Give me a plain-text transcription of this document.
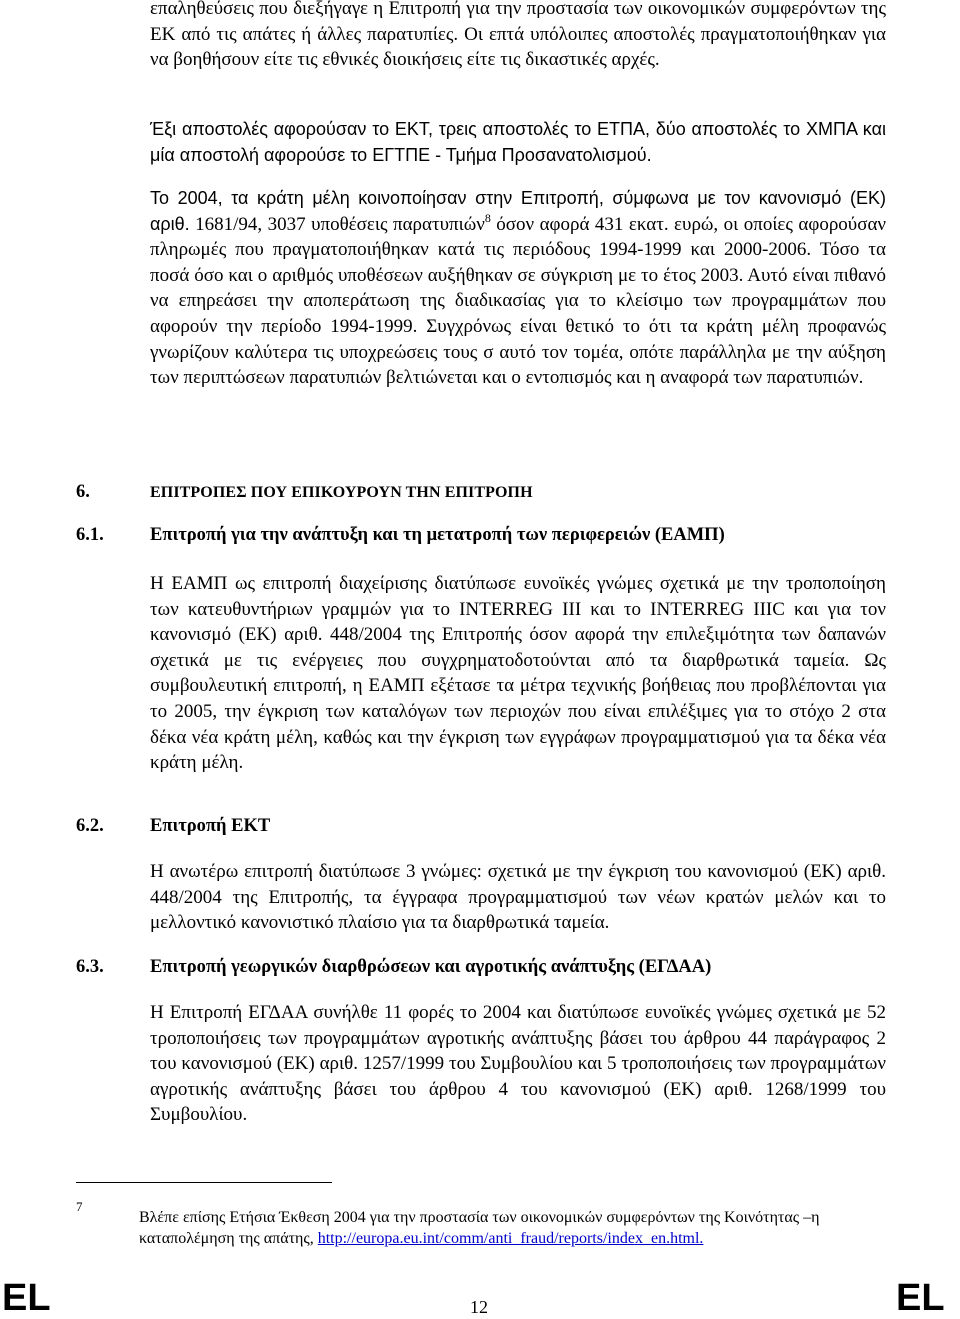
επαληθεύσεις που διεξήγαγε η Επιτροπή για την προστασία των οικονομικών συμφερόντων της ΕΚ από τις απάτες ή άλλες παρατυπίες. Οι επτά υπόλοιπες αποστολές πραγματοποιήθηκαν για να βοηθήσουν είτε τις εθνικές διοικήσεις είτε τις δικαστικές αρχές.
Έξι αποστολές αφορούσαν το ΕΚΤ, τρεις αποστολές το ΕΤΠΑ, δύο αποστολές το ΧΜΠΑ και μία αποστολή αφορούσε το ΕΓΤΠΕ - Τμήμα Προσανατολισμού.
Το 2004, τα κράτη μέλη κοινοποίησαν στην Επιτροπή, σύμφωνα με τον κανονισμό (ΕΚ) αριθ. 1681/94, 3037 υποθέσεις παρατυπιών$^8$ όσον αφορά 431 εκατ. ευρώ, οι οποίες αφορούσαν πληρωμές που πραγματοποιήθηκαν κατά τις περιόδους 1994-1999 και 2000-2006. Τόσο τα ποσά όσο και ο αριθμός υποθέσεων αυξήθηκαν σε σύγκριση με το έτος 2003. Αυτό είναι πιθανό να επηρεάσει την αποπεράτωση της διαδικασίας για το κλείσιμο των προγραμμάτων που αφορούν την περίοδο 1994-1999. Συγχρόνως είναι θετικό το ότι τα κράτη μέλη προφανώς γνωρίζουν καλύτερα τις υποχρεώσεις τους σ αυτό τον τομέα, οπότε παράλληλα με την αύξηση των περιπτώσεων παρατυπιών βελτιώνεται και ο εντοπισμός και η αναφορά των παρατυπιών.
6.	ΕΠΙΤΡΟΠΕΣ ΠΟΥ ΕΠΙΚΟΥΡΟΥΝ ΤΗΝ ΕΠΙΤΡΟΠΗ
6.1.	Επιτροπή για την ανάπτυξη και τη μετατροπή των περιφερειών (ΕΑΜΠ)
Η ΕΑΜΠ ως επιτροπή διαχείρισης διατύπωσε ευνοϊκές γνώμες σχετικά με την τροποποίηση των κατευθυντήριων γραμμών για το INTERREG III και το INTERREG IIIC και για τον κανονισμό (ΕΚ) αριθ. 448/2004 της Επιτροπής όσον αφορά την επιλεξιμότητα των δαπανών σχετικά με τις ενέργειες που συγχρηματοδοτούνται από τα διαρθρωτικά ταμεία. Ως συμβουλευτική επιτροπή, η ΕΑΜΠ εξέτασε τα μέτρα τεχνικής βοήθειας που προβλέπονται για το 2005, την έγκριση των καταλόγων των περιοχών που είναι επιλέξιμες για το στόχο 2 στα δέκα νέα κράτη μέλη, καθώς και την έγκριση των εγγράφων προγραμματισμού για τα δέκα νέα κράτη μέλη.
6.2.	Επιτροπή ΕΚΤ
Η ανωτέρω επιτροπή διατύπωσε 3 γνώμες: σχετικά με την έγκριση του κανονισμού (ΕΚ) αριθ. 448/2004 της Επιτροπής, τα έγγραφα προγραμματισμού των νέων κρατών μελών και το μελλοντικό κανονιστικό πλαίσιο για τα διαρθρωτικά ταμεία.
6.3.	Επιτροπή γεωργικών διαρθρώσεων και αγροτικής ανάπτυξης (ΕΓΔΑΑ)
Η Επιτροπή ΕΓΔΑΑ συνήλθε 11 φορές το 2004 και διατύπωσε ευνοϊκές γνώμες σχετικά με 52 τροποποιήσεις των προγραμμάτων αγροτικής ανάπτυξης βάσει του άρθρου 44 παράγραφος 2 του κανονισμού (ΕΚ) αριθ. 1257/1999 του Συμβουλίου και 5 τροποποιήσεις των προγραμμάτων αγροτικής ανάπτυξης βάσει του άρθρου 4 του κανονισμού (ΕΚ) αριθ. 1268/1999 του Συμβουλίου.
7
Βλέπε επίσης Ετήσια Έκθεση 2004 για την προστασία των οικονομικών συμφερόντων της Κοινότητας –η καταπολέμηση της απάτης, http://europa.eu.int/comm/anti_fraud/reports/index_en.html.
EL	12	EL
